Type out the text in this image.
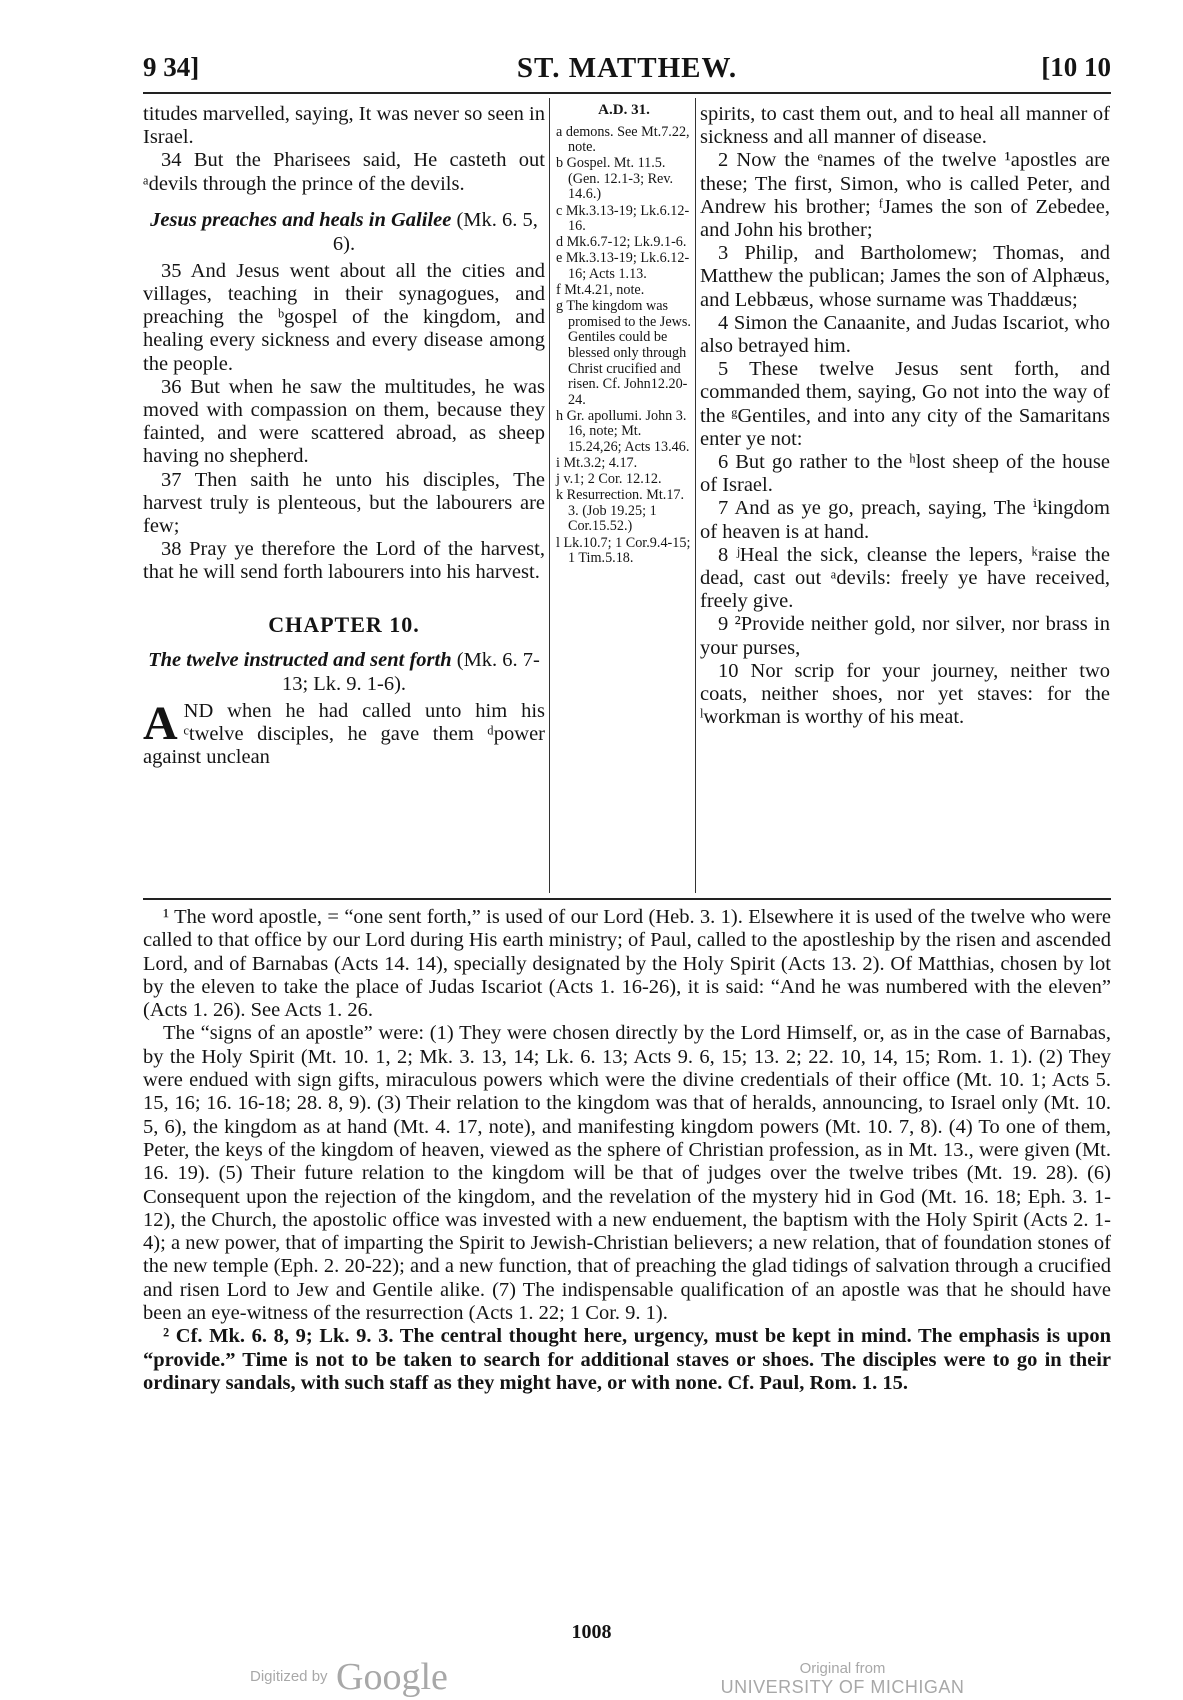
9 34]	ST. MATTHEW.	[10 10

titudes marvelled, saying, It was never so seen in Israel.

34 But the Pharisees said, He casteth out ᵃdevils through the prince of the devils.

Jesus preaches and heals in Galilee (Mk. 6. 5, 6).

35 And Jesus went about all the cities and villages, teaching in their synagogues, and preaching the ᵇgospel of the kingdom, and healing every sickness and every disease among the people.

36 But when he saw the multitudes, he was moved with compassion on them, because they fainted, and were scattered abroad, as sheep having no shepherd.

37 Then saith he unto his disciples, The harvest truly is plenteous, but the labourers are few;

38 Pray ye therefore the Lord of the harvest, that he will send forth labourers into his harvest.

CHAPTER 10.
The twelve instructed and sent forth (Mk. 6. 7-13; Lk. 9. 1-6).

AND when he had called unto him his ᶜtwelve disciples, he gave them ᵈpower against unclean

A.D. 31.

a demons. See Mt.7.22, note.

b Gospel. Mt. 11.5. (Gen. 12.1-3; Rev. 14.6.)

c Mk.3.13-19; Lk.6.12-16.

d Mk.6.7-12; Lk.9.1-6.

e Mk.3.13-19; Lk.6.12-16; Acts 1.13.

f Mt.4.21, note.

g The kingdom was promised to the Jews. Gentiles could be blessed only through Christ crucified and risen. Cf. John12.20-24.

h Gr. apollumi. John 3. 16, note; Mt. 15.24,26; Acts 13.46.

i Mt.3.2; 4.17.

j v.1; 2 Cor. 12.12.

k Resurrection. Mt.17. 3. (Job 19.25; 1 Cor.15.52.)

l Lk.10.7; 1 Cor.9.4-15; 1 Tim.5.18.

spirits, to cast them out, and to heal all manner of sickness and all manner of disease.

2 Now the ᵉnames of the twelve ¹apostles are these; The first, Simon, who is called Peter, and Andrew his brother; ᶠJames the son of Zebedee, and John his brother;

3 Philip, and Bartholomew; Thomas, and Matthew the publican; James the son of Alphæus, and Lebbæus, whose surname was Thaddæus;

4 Simon the Canaanite, and Judas Iscariot, who also betrayed him.

5 These twelve Jesus sent forth, and commanded them, saying, Go not into the way of the ᵍGentiles, and into any city of the Samaritans enter ye not:

6 But go rather to the ʰlost sheep of the house of Israel.

7 And as ye go, preach, saying, The ⁱkingdom of heaven is at hand.

8 ʲHeal the sick, cleanse the lepers, ᵏraise the dead, cast out ᵃdevils: freely ye have received, freely give.

9 ²Provide neither gold, nor silver, nor brass in your purses,

10 Nor scrip for your journey, neither two coats, neither shoes, nor yet staves: for the ˡworkman is worthy of his meat.

¹ The word apostle, = “one sent forth,” is used of our Lord (Heb. 3. 1). Elsewhere it is used of the twelve who were called to that office by our Lord during His earth ministry; of Paul, called to the apostleship by the risen and ascended Lord, and of Barnabas (Acts 14. 14), specially designated by the Holy Spirit (Acts 13. 2). Of Matthias, chosen by lot by the eleven to take the place of Judas Iscariot (Acts 1. 16-26), it is said: “And he was numbered with the eleven” (Acts 1. 26). See Acts 1. 26.

The “signs of an apostle” were: (1) They were chosen directly by the Lord Himself, or, as in the case of Barnabas, by the Holy Spirit (Mt. 10. 1, 2; Mk. 3. 13, 14; Lk. 6. 13; Acts 9. 6, 15; 13. 2; 22. 10, 14, 15; Rom. 1. 1). (2) They were endued with sign gifts, miraculous powers which were the divine credentials of their office (Mt. 10. 1; Acts 5. 15, 16; 16. 16-18; 28. 8, 9). (3) Their relation to the kingdom was that of heralds, announcing, to Israel only (Mt. 10. 5, 6), the kingdom as at hand (Mt. 4. 17, note), and manifesting kingdom powers (Mt. 10. 7, 8). (4) To one of them, Peter, the keys of the kingdom of heaven, viewed as the sphere of Christian profession, as in Mt. 13., were given (Mt. 16. 19). (5) Their future relation to the kingdom will be that of judges over the twelve tribes (Mt. 19. 28). (6) Consequent upon the rejection of the kingdom, and the revelation of the mystery hid in God (Mt. 16. 18; Eph. 3. 1-12), the Church, the apostolic office was invested with a new enduement, the baptism with the Holy Spirit (Acts 2. 1-4); a new power, that of imparting the Spirit to Jewish-Christian believers; a new relation, that of foundation stones of the new temple (Eph. 2. 20-22); and a new function, that of preaching the glad tidings of salvation through a crucified and risen Lord to Jew and Gentile alike. (7) The indispensable qualification of an apostle was that he should have been an eye-witness of the resurrection (Acts 1. 22; 1 Cor. 9. 1).

² Cf. Mk. 6. 8, 9; Lk. 9. 3. The central thought here, urgency, must be kept in mind. The emphasis is upon “provide.” Time is not to be taken to search for additional staves or shoes. The disciples were to go in their ordinary sandals, with such staff as they might have, or with none. Cf. Paul, Rom. 1. 15.

1008
Digitized by Google	Original from
UNIVERSITY OF MICHIGAN
